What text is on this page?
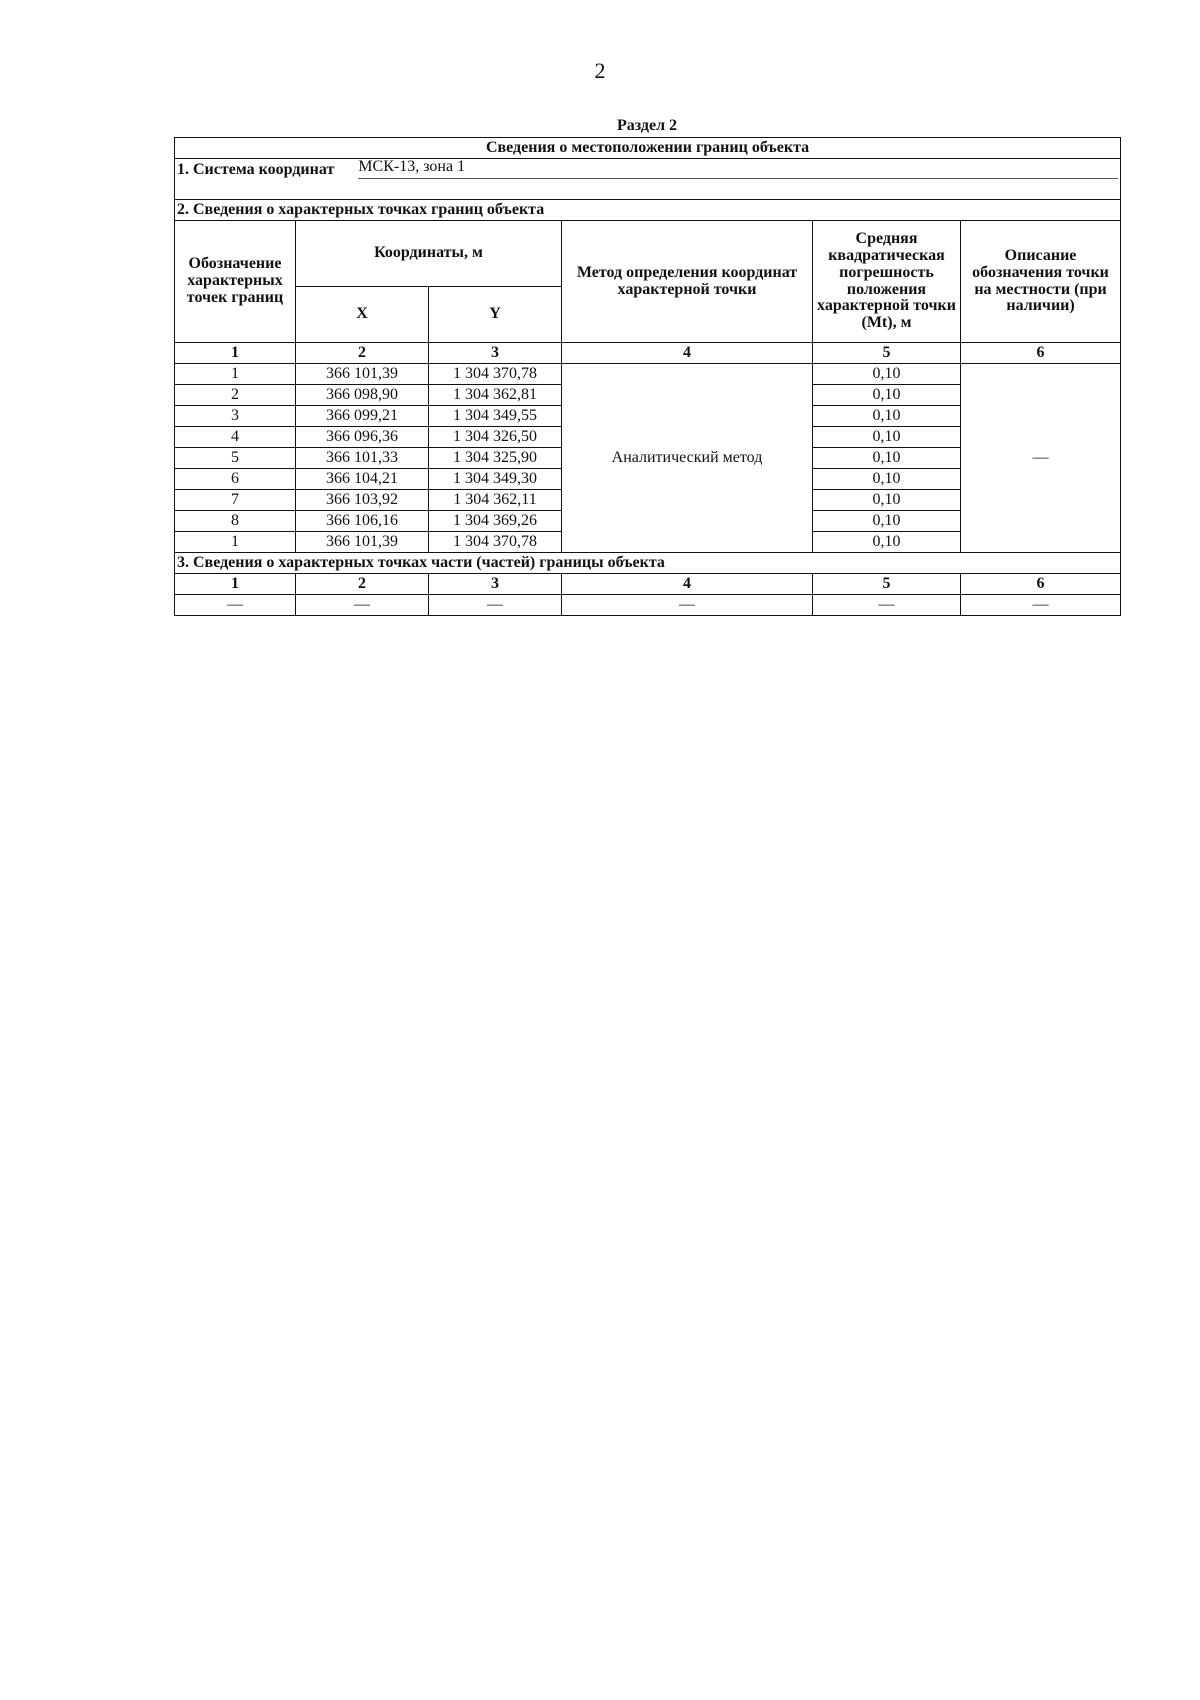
2
Раздел 2
Сведения о местоположении границ объекта					

1. Система координат МСК-13, зона 1					

2. Сведения о характерных точках границ объекта					
Обозначение характерных точек границ	Координаты, м		Метод определения координат характерной точки	Средняя квадратическая погрешность положения характерной точки (Mt), м	Описание обозначения точки на местности (при наличии)
	X	Y			
1	2	3	4	5	6
1	366 101,39	1 304 370,78	Аналитический метод	0,10	—
2	366 098,90	1 304 362,81		0,10	
3	366 099,21	1 304 349,55		0,10	
4	366 096,36	1 304 326,50		0,10	
5	366 101,33	1 304 325,90		0,10	
6	366 104,21	1 304 349,30		0,10	
7	366 103,92	1 304 362,11		0,10	
8	366 106,16	1 304 369,26		0,10	
1	366 101,39	1 304 370,78		0,10	
3. Сведения о характерных точках части (частей) границы объекта					
1	2	3	4	5	6
—	—	—	—	—	—
